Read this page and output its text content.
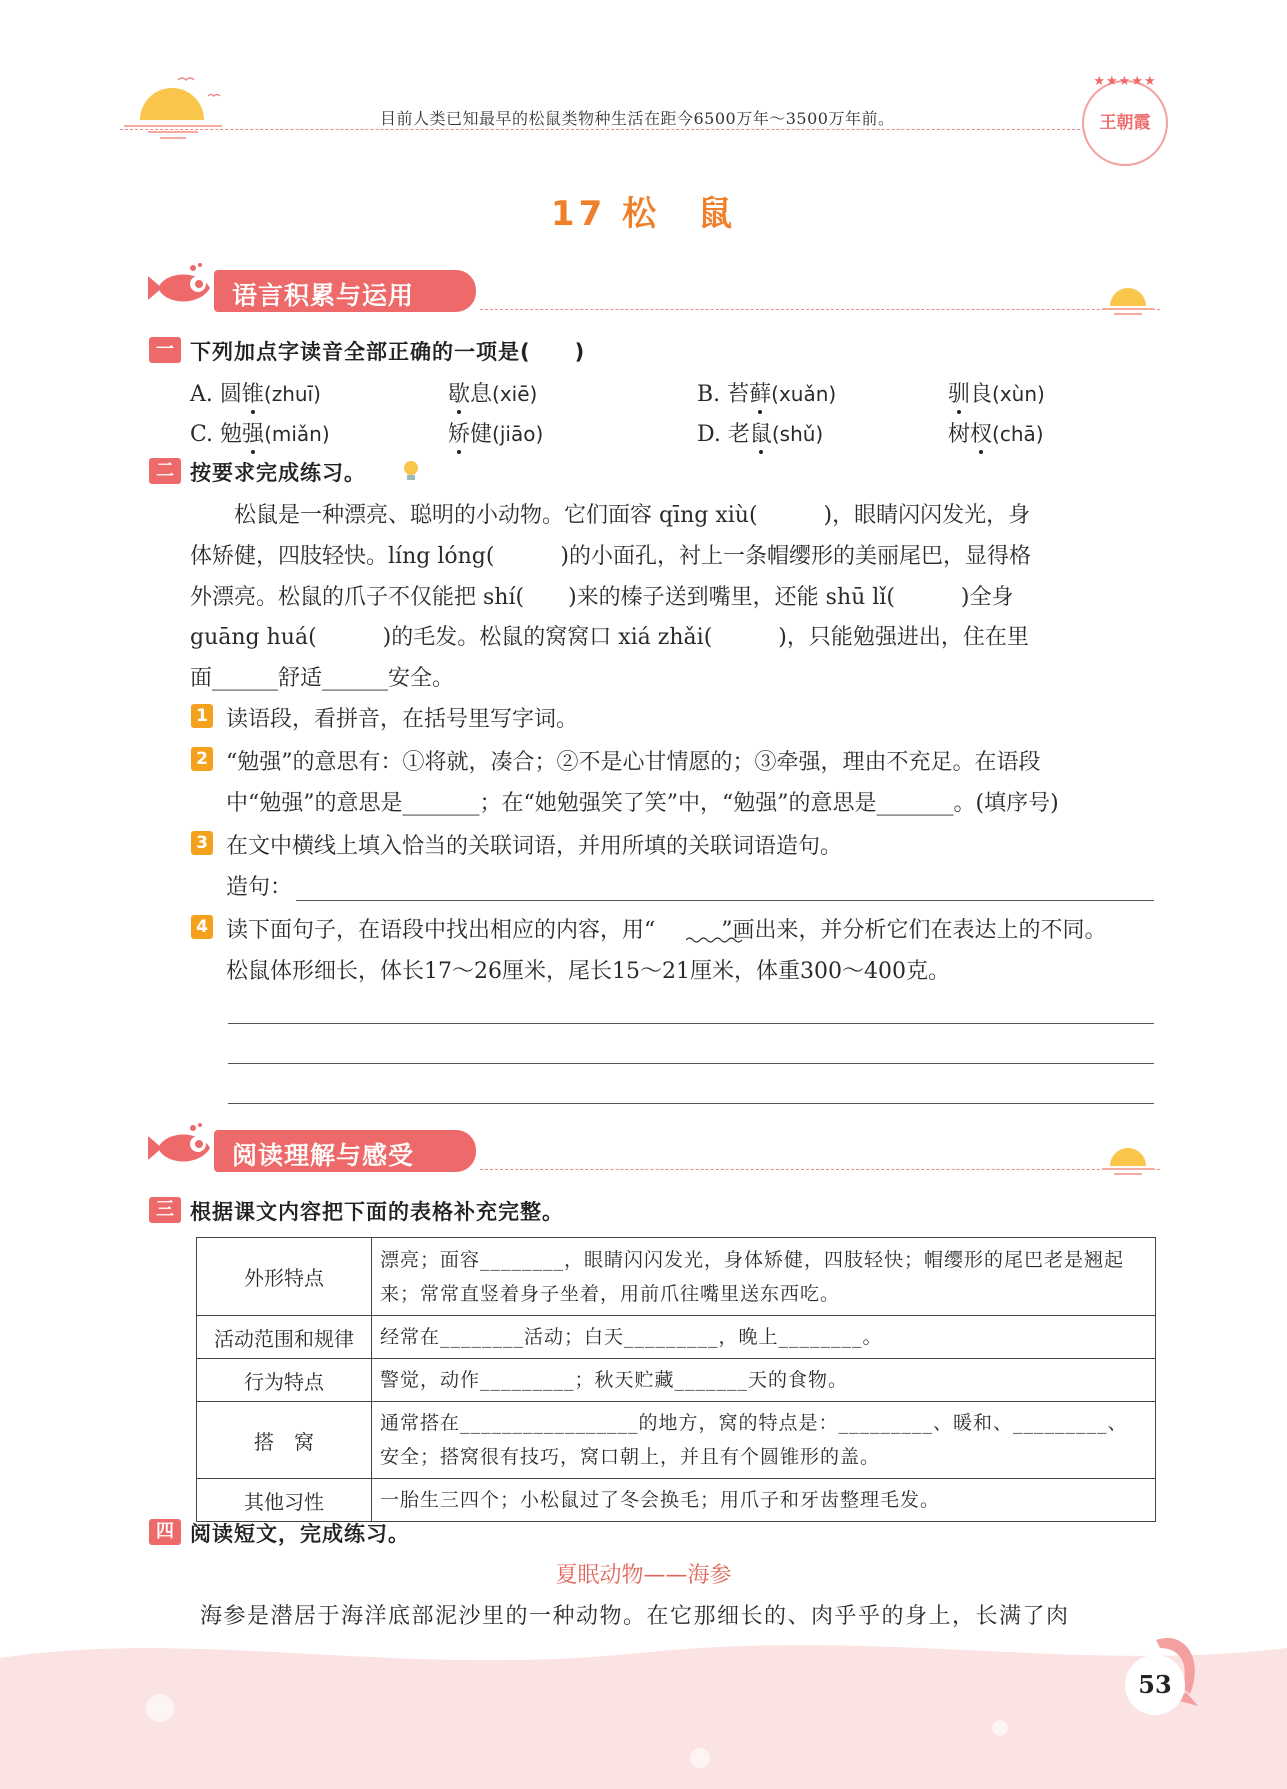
目前人类已知最早的松鼠类物种生活在距今6500万年～3500万年前。
★★★★★
王朝霞
17 松　鼠
语言积累与运用
一 下列加点字读音全部正确的一项是(　　)
A. 圆锥(zhuī)	歇息(xiē)	B. 苔藓(xuǎn)	驯良(xùn)
C. 勉强(miǎn)	矫健(jiāo)	D. 老鼠(shǔ)	树杈(chā)
二 按要求完成练习。
　　松鼠是一种漂亮、聪明的小动物。它们面容 qīng xiù(　　　)，眼睛闪闪发光，身
体矫健，四肢轻快。líng lóng(　　　)的小面孔，衬上一条帽缨形的美丽尾巴，显得格
外漂亮。松鼠的爪子不仅能把 shí(　　)来的榛子送到嘴里，还能 shū lǐ(　　　)全身
guāng huá(　　　)的毛发。松鼠的窝窝口 xiá zhǎi(　　　)，只能勉强进出，住在里
面______舒适______安全。
1 读语段，看拼音，在括号里写字词。
2 “勉强”的意思有：①将就，凑合；②不是心甘情愿的；③牵强，理由不充足。在语段
中“勉强”的意思是_______；在“她勉强笑了笑”中，“勉强”的意思是_______。(填序号)
3 在文中横线上填入恰当的关联词语，并用所填的关联词语造句。
造句：
4 读下面句子，在语段中找出相应的内容，用“　　　”画出来，并分析它们在表达上的不同。
松鼠体形细长，体长17～26厘米，尾长15～21厘米，体重300～400克。
阅读理解与感受
三 根据课文内容把下面的表格补充完整。
外形特点	漂亮；面容________，眼睛闪闪发光，身体矫健，四肢轻快；帽缨形的尾巴老是翘起来；常常直竖着身子坐着，用前爪往嘴里送东西吃。
活动范围和规律	经常在________活动；白天_________，晚上________。
行为特点	警觉，动作_________；秋天贮藏_______天的食物。
搭　窝	通常搭在_________________的地方，窝的特点是：_________、暖和、_________、安全；搭窝很有技巧，窝口朝上，并且有个圆锥形的盖。
其他习性	一胎生三四个；小松鼠过了冬会换毛；用爪子和牙齿整理毛发。
四 阅读短文，完成练习。
夏眠动物——海参
海参是潜居于海洋底部泥沙里的一种动物。在它那细长的、肉乎乎的身上，长满了肉
53
